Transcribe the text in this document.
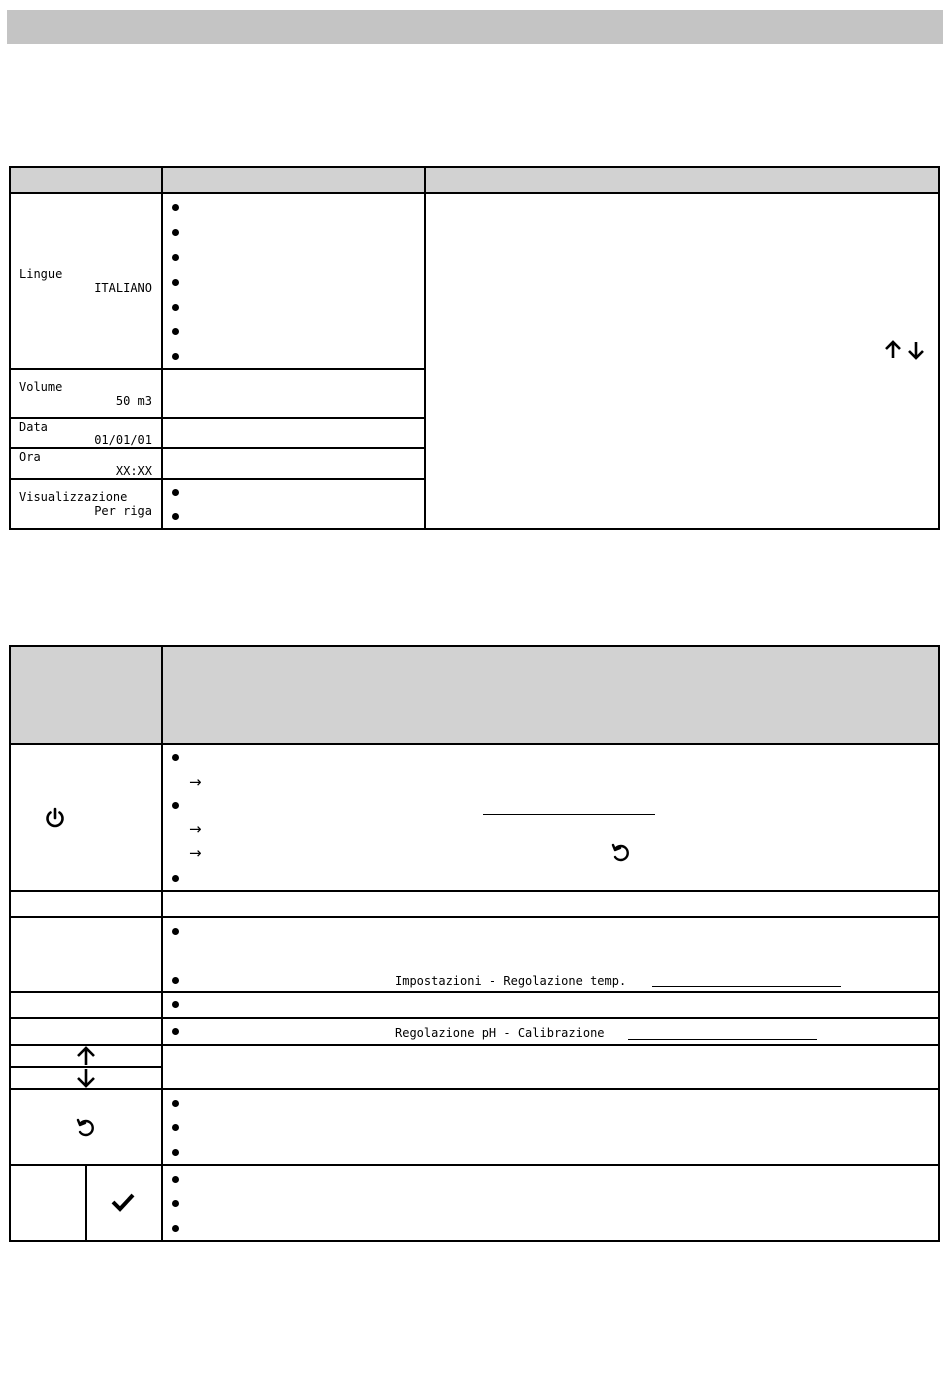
Lingue
ITALIANO
Volume
50 m3
Data
01/01/01
Ora
XX:XX
Visualizzazione
Per riga
→
→
→
Impostazioni - Regolazione temp.
Regolazione pH - Calibrazione
